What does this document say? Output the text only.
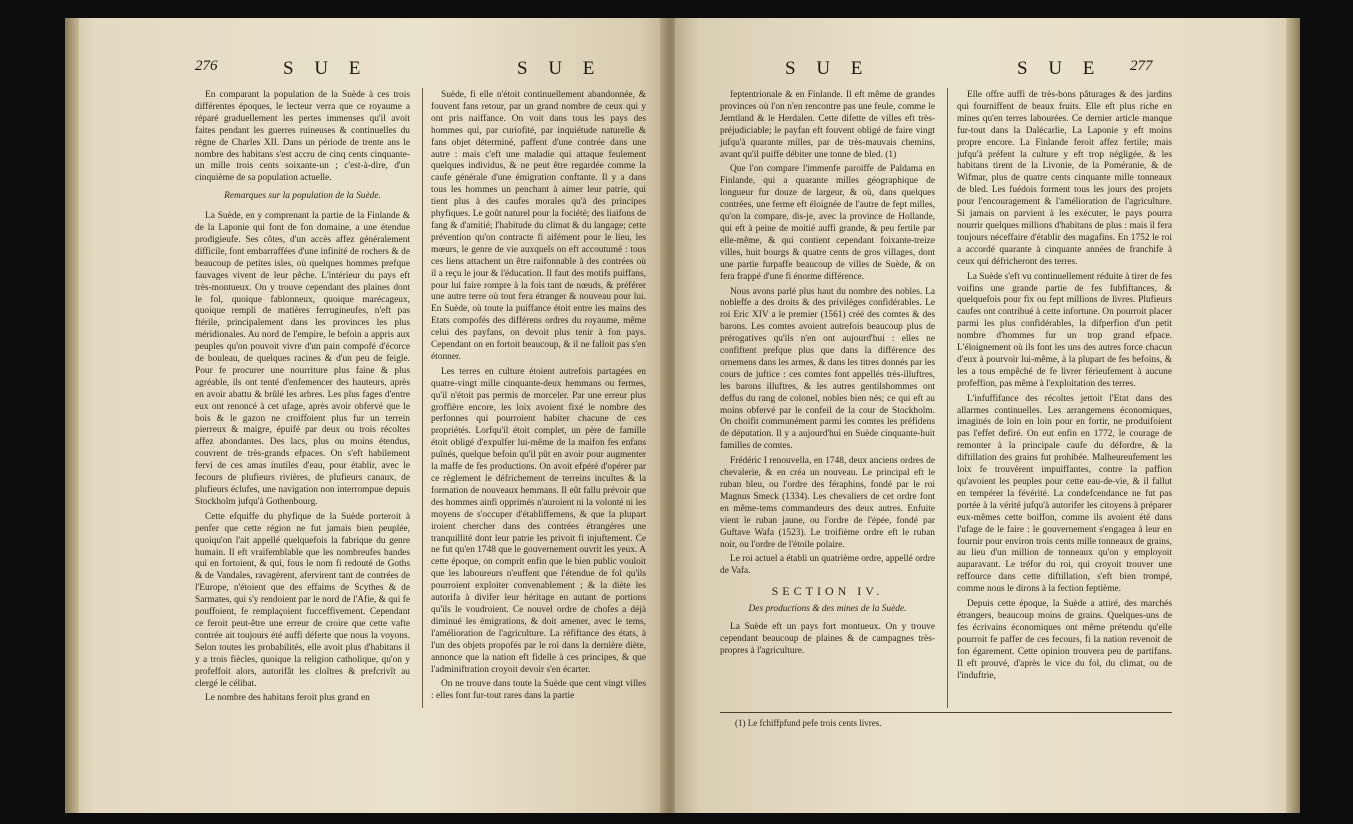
276	S U E	S U E

En comparant la population de la Suède à ces trois différentes époques, le lecteur verra que ce royaume a réparé graduellement les pertes immenses qu'il avoit faites pendant les guerres ruineuses & continuelles du règne de Charles XII. Dans un période de trente ans le nombre des habitans s'est accru de cinq cents cinquante-un mille trois cents soixante-un ; c'est-à-dire, d'un cinquième de sa population actuelle.

Remarques sur la population de la Suède.

La Suède, en y comprenant la partie de la Finlande & de la Laponie qui font de fon domaine, a une étendue prodigieufe. Ses côtes, d'un accès affez généralement difficile, font embarraffées d'une infinité de rochers & de beaucoup de petites isles, où quelques hommes prefque fauvages vivent de leur pêche. L'intérieur du pays eft très-montueux. On y trouve cependant des plaines dont le fol, quoique fablonneux, quoique marécageux, quoique rempli de matières ferrugineufes, n'eft pas ftérile, principalement dans les provinces les plus méridionales. Au nord de l'empire, le befoin a appris aux peuples qu'on pouvoit vivre d'un pain compofé d'écorce de bouleau, de quelques racines & d'un peu de feigle. Pour fe procurer une nourriture plus faine & plus agréable, ils ont tenté d'enfemencer des hauteurs, après en avoir abattu & brûlé les arbres. Les plus fages d'entre eux ont renoncé à cet ufage, après avoir obfervé que le bois & le gazon ne croiffoient plus fur un terrein pierreux & maigre, épuifé par deux ou trois récoltes affez abondantes. Des lacs, plus ou moins étendus, couvrent de très-grands efpaces. On s'eft habilement fervi de ces amas inutiles d'eau, pour établir, avec le fecours de plufieurs rivières, de plufieurs canaux, de plufieurs éclufes, une navigation non interrompue depuis Stockholm jufqu'à Gothenbourg.

Cette efquiffe du phyfique de la Suède porteroit à penfer que cette région ne fut jamais bien peuplée, quoiqu'on l'ait appellé quelquefois la fabrique du genre humain. Il eft vraifemblable que les nombreufes bandes qui en fortoient, & qui, fous le nom fi redouté de Goths & de Vandales, ravagèrent, afervirent tant de contrées de l'Europe, n'étoient que des effaims de Scythes & de Sarmates, qui s'y rendoient par le nord de l'Afie, & qui fe pouffoient, fe remplaçoient fucceffivement. Cependant ce feroit peut-être une erreur de croire que cette vafte contrée ait toujours été auffi déferte que nous la voyons. Selon toutes les probabilités, elle avoit plus d'habitans il y a trois fiècles, quoique la religion catholique, qu'on y profeffoit alors, autorifât les cloîtres & prefcrivît au clergé le célibat.

Le nombre des habitans feroit plus grand en

Suède, fi elle n'étoit continuellement abandonnée, & fouvent fans retour, par un grand nombre de ceux qui y ont pris naiffance. On voit dans tous les pays des hommes qui, par curiofité, par inquiétude naturelle & fans objet déterminé, paffent d'une contrée dans une autre : mais c'eft une maladie qui attaque feulement quelques individus, & ne peut être regardée comme la caufe générale d'une émigration conftante. Il y a dans tous les hommes un penchant à aimer leur patrie, qui tient plus à des caufes morales qu'à des principes phyfiques. Le goût naturel pour la fociété; des liaifons de fang & d'amitié; l'habitude du climat & du langage; cette prévention qu'on contracte fi aifément pour le lieu, les mœurs, le genre de vie auxquels on eft accoutumé : tous ces liens attachent un être raifonnable à des contrées où il a reçu le jour & l'éducation. Il faut des motifs puiffans, pour lui faire rompre à la fois tant de nœuds, & préférer une autre terre où tout fera étranger & nouveau pour lui. En Suède, où toute la puiffance étoit entre les mains des Etats compofés des différens ordres du royaume, même celui des payfans, on devoit plus tenir à fon pays. Cependant on en fortoit beaucoup, & il ne falloit pas s'en étonner.

Les terres en culture étoient autrefois partagées en quatre-vingt mille cinquante-deux hemmans ou fermes, qu'il n'étoit pas permis de morceler. Par une erreur plus groffière encore, les loix avoient fixé le nombre des perfonnes qui pourroient habiter chacune de ces propriétés. Lorfqu'il étoit complet, un père de famille étoit obligé d'expulfer lui-même de la maifon fes enfans puînés, quelque befoin qu'il pût en avoir pour augmenter la maffe de fes productions. On avoit efpéré d'opérer par ce règlement le défrichement de terreins incultes & la formation de nouveaux hemmans. Il eût fallu prévoir que des hommes ainfi opprimés n'auroient ni la volonté ni les moyens de s'occuper d'établiffemens, & que la plupart iroient chercher dans des contrées étrangères une tranquillité dont leur patrie les privoit fi injuftement. Ce ne fut qu'en 1748 que le gouvernement ouvrit les yeux. A cette époque, on comprit enfin que le bien public vouloit que les laboureurs n'euffent que l'étendue de fol qu'ils pourroient exploiter convenablement ; & la diète les autorifa à divifer leur héritage en autant de portions qu'ils le voudroient. Ce nouvel ordre de chofes a déjà diminué les émigrations, & doit amener, avec le tems, l'amélioration de l'agriculture. La réfiftance des états, à l'un des objets propofés par le roi dans la dernière diète, annonce que la nation eft fidelle à ces principes, & que l'adminiftration croyoit devoir s'en écarter.

On ne trouve dans toute la Suède que cent vingt villes : elles font fur-tout rares dans la partie

S U E	S U E 277

feptentrionale & en Finlande. Il eft même de grandes provinces où l'on n'en rencontre pas une feule, comme le Jemtland & le Herdalen. Cette difette de villes eft très-préjudiciable; le payfan eft fouvent obligé de faire vingt jufqu'à quarante milles, par de très-mauvais chemins, avant qu'il puiffe débiter une tonne de bled. (1)

Que l'on compare l'immenfe paroiffe de Paldama en Finlande, qui a quarante milles géographique de longueur fur douze de largeur, & où, dans quelques contrées, une ferme eft éloignée de l'autre de fept milles, qu'on la compare, dis-je, avec la province de Hollande, qui eft à peine de moitié auffi grande, & peu fertile par elle-même, & qui contient cependant foixante-treize villes, huit bourgs & quatre cents de gros villages, dont une partie furpaffe beaucoup de villes de Suède, & on fera frappé d'une fi énorme différence.

Nous avons parlé plus haut du nombre des nobles. La nobleffe a des droits & des privilèges confidérables. Le roi Eric XIV a le premier (1561) créé des comtes & des barons. Les comtes avoient autrefois beaucoup plus de prérogatives qu'ils n'en ont aujourd'hui : elles ne confiftent prefque plus que dans la différence des ornemens dans les armes, & dans les titres donnés par les cours de juftice : ces comtes font appellés très-illuftres, les barons illuftres, & les autres gentilshommes ont deffus du rang de colonel, nobles bien nés; ce qui eft au moins obfervé par le confeil de la cour de Stockholm. On choifit communément parmi les comtes les préfidens de députation. Il y a aujourd'hui en Suède cinquante-huit familles de comtes.

Frédéric I renouvella, en 1748, deux anciens ordres de chevalerie, & en créa un nouveau. Le principal eft le ruban bleu, ou l'ordre des féraphins, fondé par le roi Magnus Smeck (1334). Les chevaliers de cet ordre font en même-tems commandeurs des deux autres. Enfuite vient le ruban jaune, ou l'ordre de l'épée, fondé par Guftave Wafa (1523). Le troifième ordre eft le ruban noir, ou l'ordre de l'étoile polaire.

Le roi actuel a établi un quatrième ordre, appellé ordre de Vafa.

SECTION IV.

Des productions & des mines de la Suède.

La Suède eft un pays fort montueux. On y trouve cependant beaucoup de plaines & de campagnes très-propres à l'agriculture.

Elle offre auffi de très-bons pâturages & des jardins qui fourniffent de beaux fruits. Elle eft plus riche en mines qu'en terres labourées. Ce dernier article manque fur-tout dans la Dalécarlie, La Laponie y eft moins propre encore. La Finlande feroit affez fertile; mais jufqu'à préfent la culture y eft trop négligée, & les habitans tirent de la Livonie, de la Poméranie, & de Wifmar, plus de quatre cents cinquante mille tonneaux de bled. Les fuédois forment tous les jours des projets pour l'encouragement & l'amélioration de l'agriculture. Si jamais on parvient à les exécuter, le pays pourra nourrir quelques millions d'habitans de plus : mais il fera toujours néceffaire d'établir des magafins. En 1752 le roi a accordé quarante à cinquante années de franchife à ceux qui défricheront des terres.

La Suède s'eft vu continuellement réduite à tirer de fes voifins une grande partie de fes fubfiftances, & quelquefois pour fix ou fept millions de livres. Plufieurs caufes ont contribué à cette infortune. On pourroit placer parmi les plus confidérables, la difperfion d'un petit nombre d'hommes fur un trop grand efpace. L'éloignement où ils font les uns des autres force chacun d'eux à pourvoir lui-même, à la plupart de fes befoins, & les a tous empêché de fe livrer férieufement à aucune profeffion, pas même à l'exploitation des terres.

L'infuffifance des récoltes jettoit l'Etat dans des allarmes continuelles. Les arrangemens économiques, imaginés de loin en loin pour en fortir, ne produifoient pas l'effet defiré. On eut enfin en 1772, le courage de remonter à la principale caufe du défordre, & la diftillation des grains fut prohibée. Malheureufement les loix fe trouvèrent impuiffantes, contre la paffion qu'avoient les peuples pour cette eau-de-vie, & il fallut en tempérer la févérité. La condefcendance ne fut pas portée à la vérité jufqu'à autorifer les citoyens à préparer eux-mêmes cette boiffon, comme ils avoient été dans l'ufage de le faire : le gouvernement s'engagea à leur en fournir pour environ trois cents mille tonneaux de grains, au lieu d'un million de tonneaux qu'on y employoit auparavant. Le tréfor du roi, qui croyoit trouver une reffource dans cette diftillation, s'eft bien trompé, comme nous le dirons à la fection feptième.

Depuis cette époque, la Suède a attiré, des marchés étrangers, beaucoup moins de grains. Quelques-uns de fes écrivains économiques ont même prétendu qu'elle pourroit fe paffer de ces fecours, fi la nation revenoit de fon égarement. Cette opinion trouvera peu de partifans. Il eft prouvé, d'après le vice du fol, du climat, ou de l'induftrie,

(1) Le fchiffpfund pefe trois cents livres.
